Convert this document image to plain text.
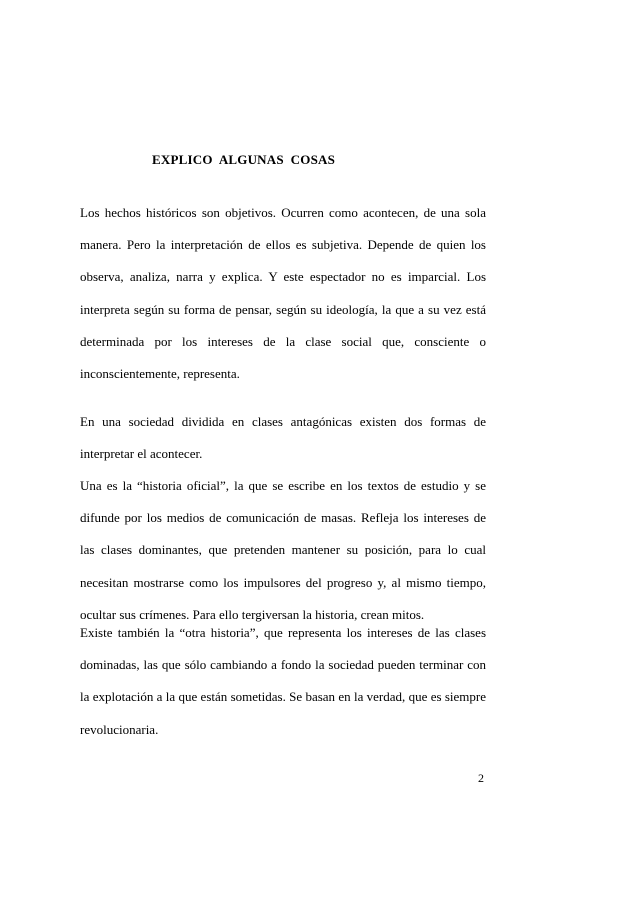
EXPLICO  ALGUNAS  COSAS

Los hechos históricos son objetivos. Ocurren como acontecen, de una sola manera. Pero la interpretación de ellos es subjetiva. Depende de quien los observa, analiza, narra y explica. Y este espectador no es imparcial. Los interpreta según su forma de pensar, según su ideología, la que a su vez está determinada por los intereses de la clase social que, consciente o inconscientemente, representa.

En una sociedad dividida en clases antagónicas existen dos formas de interpretar el acontecer.

Una es la “historia oficial”, la que se escribe en los textos de estudio y se difunde por los medios de comunicación de masas. Refleja los intereses de las clases dominantes, que pretenden mantener su posición, para lo cual necesitan mostrarse como los impulsores del progreso y, al mismo tiempo, ocultar sus crímenes. Para ello tergiversan la historia, crean mitos.

Existe también la “otra historia”, que representa los intereses de las clases dominadas, las que sólo cambiando a fondo la sociedad pueden terminar con la explotación a la que están sometidas. Se basan en la verdad, que es siempre revolucionaria.

2
